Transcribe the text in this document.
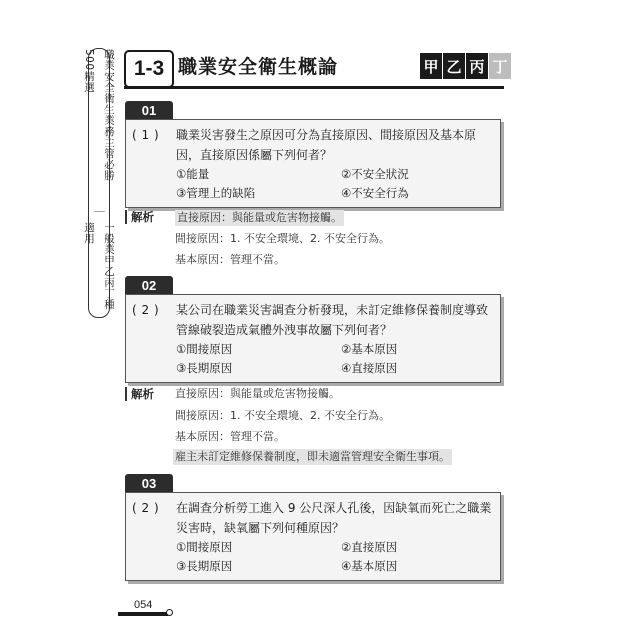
職業安全衛生業務主管必勝500精選
｜
一般業甲乙丙丁種適用
1-3 職業安全衛生概論	甲 乙 丙 丁
01
( 1 )	職業災害發生之原因可分為直接原因、間接原因及基本原因，直接原因係屬下列何者？
①能量	②不安全狀況
③管理上的缺陷	④不安全行為
解析 直接原因：與能量或危害物接觸。
間接原因：1. 不安全環境、2. 不安全行為。
基本原因：管理不當。
02
( 2 )	某公司在職業災害調查分析發現，未訂定維修保養制度導致管線破裂造成氣體外洩事故屬下列何者？
①間接原因	②基本原因
③長期原因	④直接原因
解析 直接原因：與能量或危害物接觸。
間接原因：1. 不安全環境、2. 不安全行為。
基本原因：管理不當。
雇主未訂定維修保養制度，即未適當管理安全衛生事項。
03
( 2 )	在調查分析勞工進入 9 公尺深人孔後，因缺氧而死亡之職業災害時，缺氧屬下列何種原因？
①間接原因	②直接原因
③長期原因	④基本原因
054
